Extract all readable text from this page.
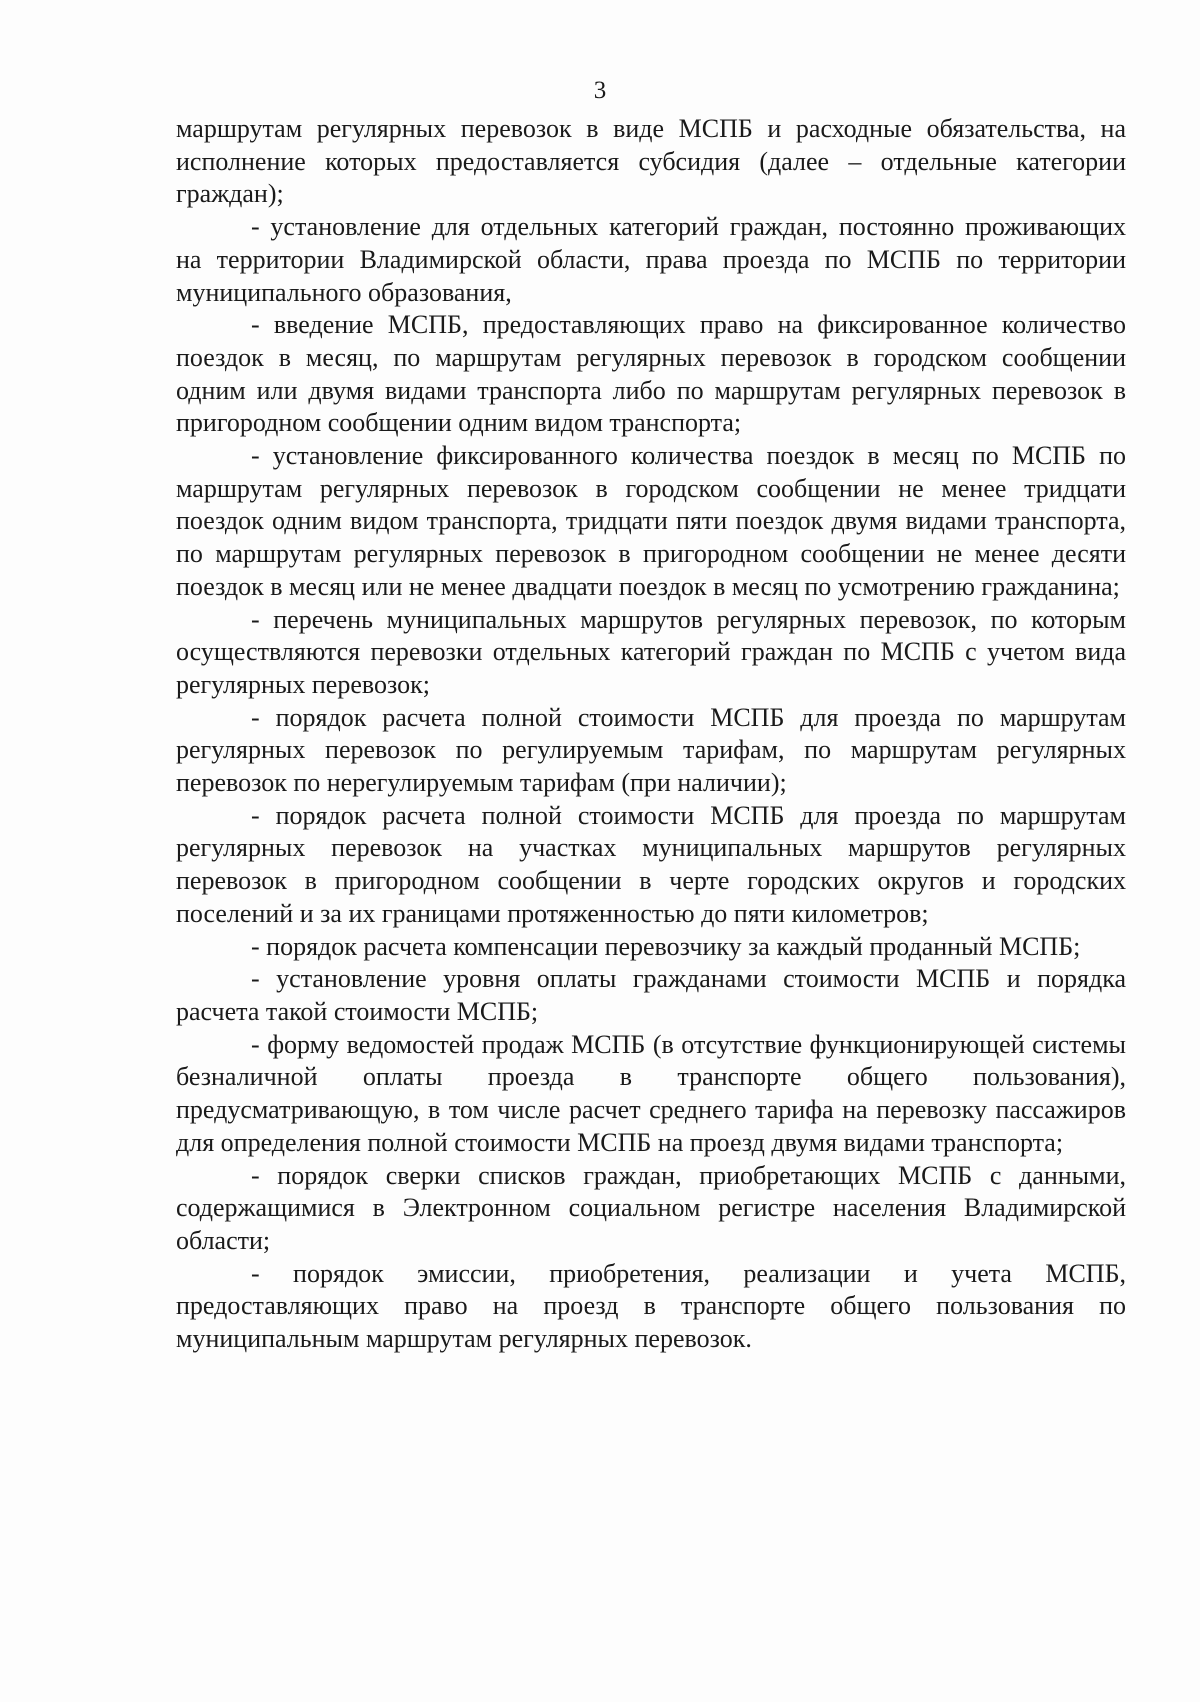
3

маршрутам регулярных перевозок в виде МСПБ и расходные обязательства, на исполнение которых предоставляется субсидия (далее – отдельные категории граждан);

- установление для отдельных категорий граждан, постоянно проживающих на территории Владимирской области, права проезда по МСПБ по территории муниципального образования,

- введение МСПБ, предоставляющих право на фиксированное количество поездок в месяц, по маршрутам регулярных перевозок в городском сообщении одним или двумя видами транспорта либо по маршрутам регулярных перевозок в пригородном сообщении одним видом транспорта;

- установление фиксированного количества поездок в месяц по МСПБ по маршрутам регулярных перевозок в городском сообщении не менее тридцати поездок одним видом транспорта, тридцати пяти поездок двумя видами транспорта, по маршрутам регулярных перевозок в пригородном сообщении не менее десяти поездок в месяц или не менее двадцати поездок в месяц по усмотрению гражданина;

- перечень муниципальных маршрутов регулярных перевозок, по которым осуществляются перевозки отдельных категорий граждан по МСПБ с учетом вида регулярных перевозок;

- порядок расчета полной стоимости МСПБ для проезда по маршрутам регулярных перевозок по регулируемым тарифам, по маршрутам регулярных перевозок по нерегулируемым тарифам (при наличии);

- порядок расчета полной стоимости МСПБ для проезда по маршрутам регулярных перевозок на участках муниципальных маршрутов регулярных перевозок в пригородном сообщении в черте городских округов и городских поселений и за их границами протяженностью до пяти километров;

- порядок расчета компенсации перевозчику за каждый проданный МСПБ;

- установление уровня оплаты гражданами стоимости МСПБ и порядка расчета такой стоимости МСПБ;

- форму ведомостей продаж МСПБ (в отсутствие функционирующей системы безналичной оплаты проезда в транспорте общего пользования), предусматривающую, в том числе расчет среднего тарифа на перевозку пассажиров для определения полной стоимости МСПБ на проезд двумя видами транспорта;

- порядок сверки списков граждан, приобретающих МСПБ с данными, содержащимися в Электронном социальном регистре населения Владимирской области;

- порядок эмиссии, приобретения, реализации и учета МСПБ, предоставляющих право на проезд в транспорте общего пользования по муниципальным маршрутам регулярных перевозок.
